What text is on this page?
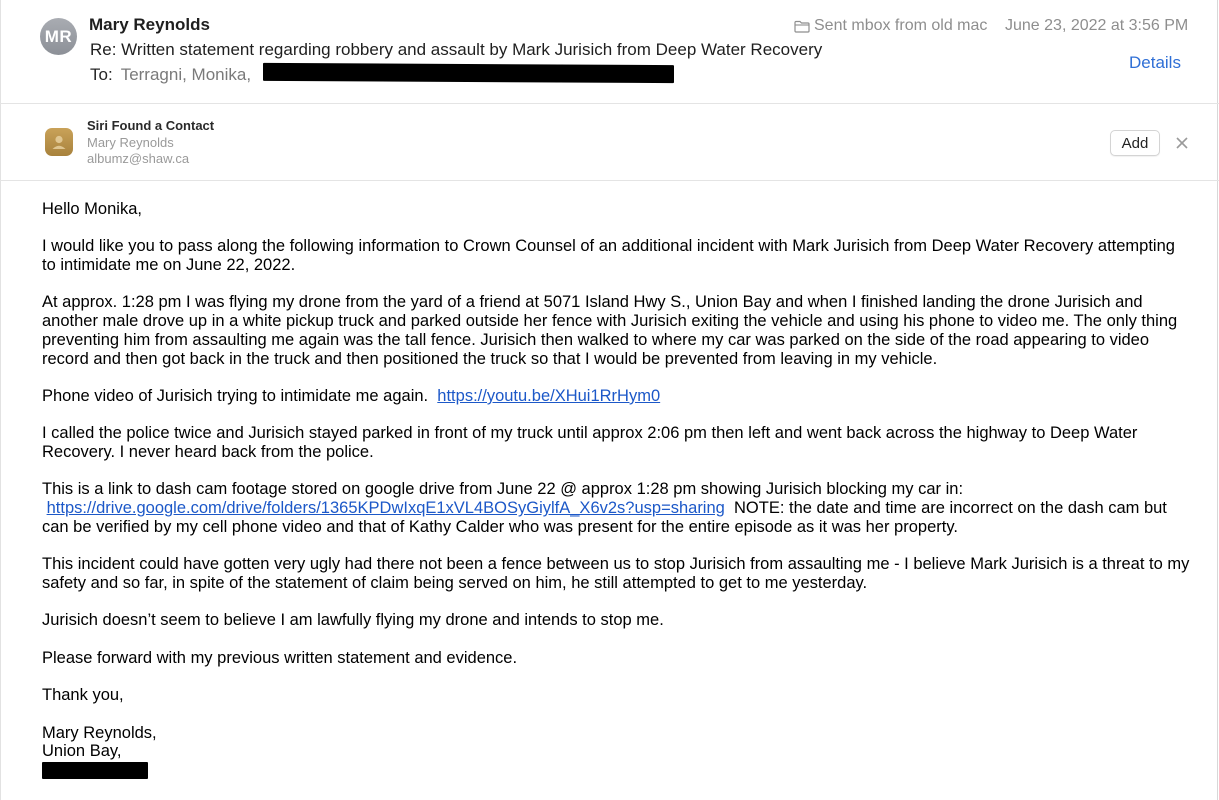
MR
Mary Reynolds
Re: Written statement regarding robbery and assault by Mark Jurisich from Deep Water Recovery
To: Terragni, Monika,
Sent mbox from old mac June 23, 2022 at 3:56 PM
Details
Siri Found a Contact
Mary Reynolds
albumz@shaw.ca
Add

Hello Monika,

I would like you to pass along the following information to Crown Counsel of an additional incident with Mark Jurisich from Deep Water Recovery attempting to intimidate me on June 22, 2022.

At approx. 1:28 pm I was flying my drone from the yard of a friend at 5071 Island Hwy S., Union Bay and when I finished landing the drone Jurisich and another male drove up in a white pickup truck and parked outside her fence with Jurisich exiting the vehicle and using his phone to video me. The only thing preventing him from assaulting me again was the tall fence. Jurisich then walked to where my car was parked on the side of the road appearing to video record and then got back in the truck and then positioned the truck so that I would be prevented from leaving in my vehicle.

Phone video of Jurisich trying to intimidate me again. https://youtu.be/XHui1RrHym0

I called the police twice and Jurisich stayed parked in front of my truck until approx 2:06 pm then left and went back across the highway to Deep Water Recovery. I never heard back from the police.

This is a link to dash cam footage stored on google drive from June 22 @ approx 1:28 pm showing Jurisich blocking my car in:
https://drive.google.com/drive/folders/1365KPDwIxqE1xVL4BOSyGiylfA_X6v2s?usp=sharing NOTE: the date and time are incorrect on the dash cam but can be verified by my cell phone video and that of Kathy Calder who was present for the entire episode as it was her property.

This incident could have gotten very ugly had there not been a fence between us to stop Jurisich from assaulting me - I believe Mark Jurisich is a threat to my safety and so far, in spite of the statement of claim being served on him, he still attempted to get to me yesterday.

Jurisich doesn’t seem to believe I am lawfully flying my drone and intends to stop me.

Please forward with my previous written statement and evidence.

Thank you,

Mary Reynolds,

Union Bay,
